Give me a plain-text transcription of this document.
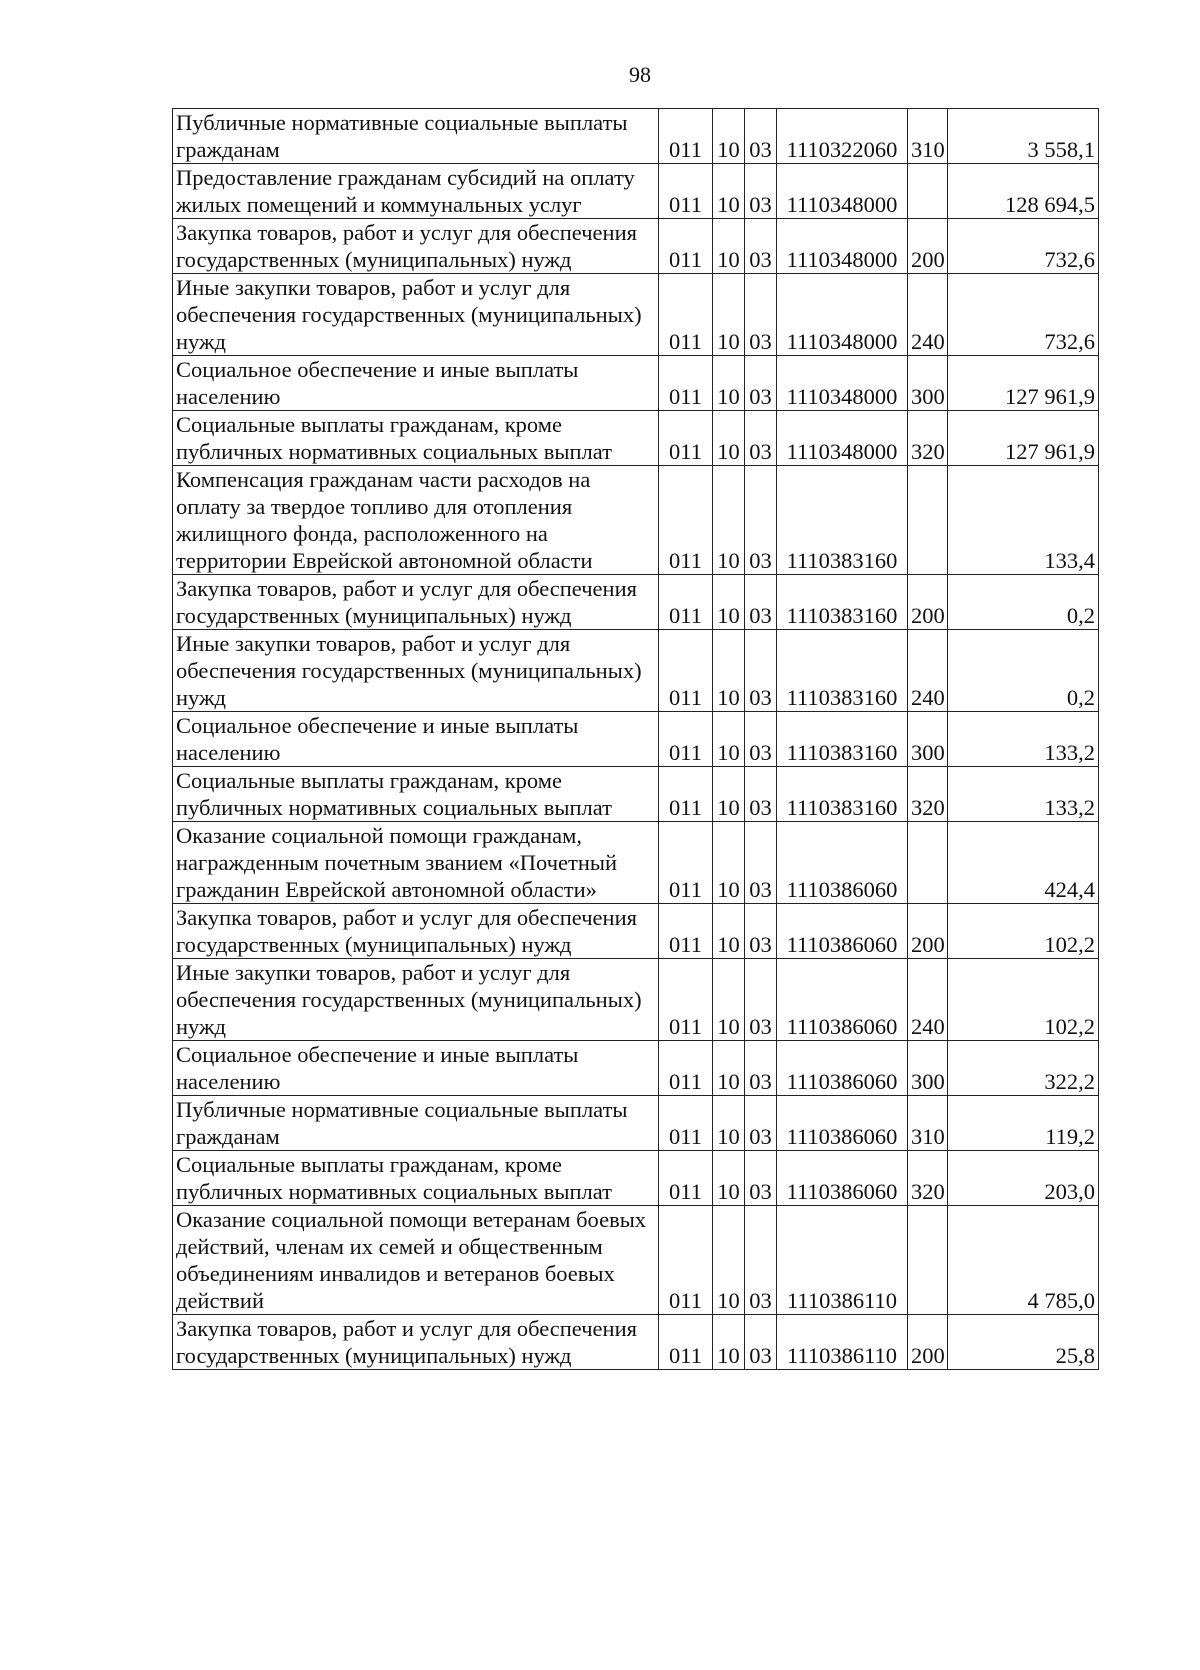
98
Публичные нормативные социальные выплаты гражданам	011	10	03	1110322060	310	3 558,1
Предоставление гражданам субсидий на оплату жилых помещений и коммунальных услуг	011	10	03	1110348000		128 694,5
Закупка товаров, работ и услуг для обеспечения государственных (муниципальных) нужд	011	10	03	1110348000	200	732,6
Иные закупки товаров, работ и услуг для обеспечения государственных (муниципальных) нужд	011	10	03	1110348000	240	732,6
Социальное обеспечение и иные выплаты населению	011	10	03	1110348000	300	127 961,9
Социальные выплаты гражданам, кроме публичных нормативных социальных выплат	011	10	03	1110348000	320	127 961,9
Компенсация гражданам части расходов на оплату за твердое топливо для отопления жилищного фонда, расположенного на территории Еврейской автономной области	011	10	03	1110383160		133,4
Закупка товаров, работ и услуг для обеспечения государственных (муниципальных) нужд	011	10	03	1110383160	200	0,2
Иные закупки товаров, работ и услуг для обеспечения государственных (муниципальных) нужд	011	10	03	1110383160	240	0,2
Социальное обеспечение и иные выплаты населению	011	10	03	1110383160	300	133,2
Социальные выплаты гражданам, кроме публичных нормативных социальных выплат	011	10	03	1110383160	320	133,2
Оказание социальной помощи гражданам, награжденным почетным званием «Почетный гражданин Еврейской автономной области»	011	10	03	1110386060		424,4
Закупка товаров, работ и услуг для обеспечения государственных (муниципальных) нужд	011	10	03	1110386060	200	102,2
Иные закупки товаров, работ и услуг для обеспечения государственных (муниципальных) нужд	011	10	03	1110386060	240	102,2
Социальное обеспечение и иные выплаты населению	011	10	03	1110386060	300	322,2
Публичные нормативные социальные выплаты гражданам	011	10	03	1110386060	310	119,2
Социальные выплаты гражданам, кроме публичных нормативных социальных выплат	011	10	03	1110386060	320	203,0
Оказание социальной помощи ветеранам боевых действий, членам их семей и общественным объединениям инвалидов и ветеранов боевых действий	011	10	03	1110386110		4 785,0
Закупка товаров, работ и услуг для обеспечения государственных (муниципальных) нужд	011	10	03	1110386110	200	25,8
